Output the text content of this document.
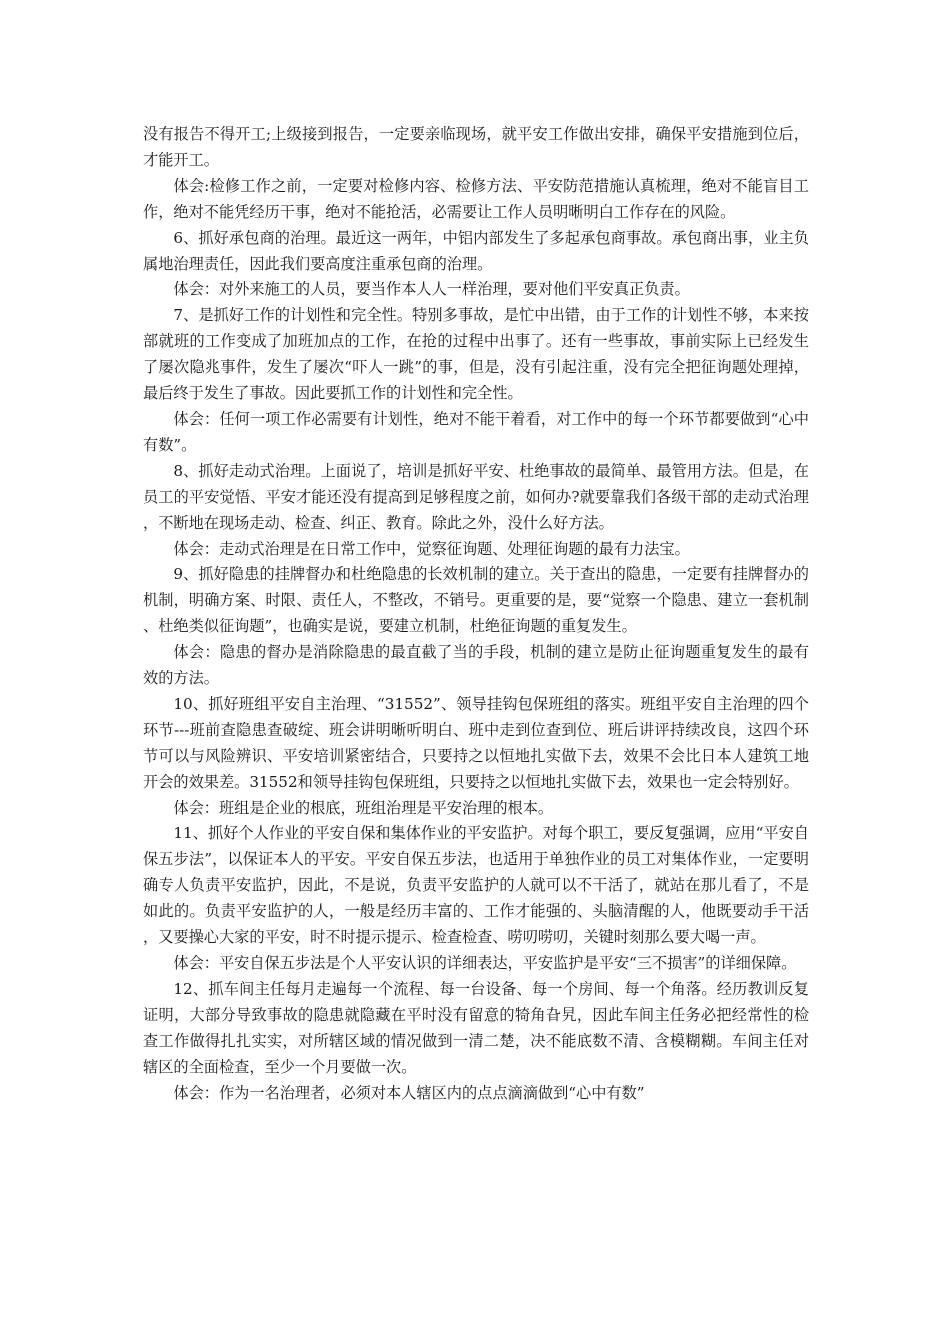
没有报告不得开工;上级接到报告，一定要亲临现场，就平安工作做出安排，确保平安措施到位后，才能开工。

体会:检修工作之前，一定要对检修内容、检修方法、平安防范措施认真梳理，绝对不能盲目工作，绝对不能凭经历干事，绝对不能抢活，必需要让工作人员明晰明白工作存在的风险。

6、抓好承包商的治理。最近这一两年，中铝内部发生了多起承包商事故。承包商出事，业主负属地治理责任，因此我们要高度注重承包商的治理。

体会：对外来施工的人员，要当作本人人一样治理，要对他们平安真正负责。

7、是抓好工作的计划性和完全性。特别多事故，是忙中出错，由于工作的计划性不够，本来按部就班的工作变成了加班加点的工作，在抢的过程中出事了。还有一些事故，事前实际上已经发生了屡次隐兆事件，发生了屡次“吓人一跳”的事，但是，没有引起注重，没有完全把征询题处理掉，最后终于发生了事故。因此要抓工作的计划性和完全性。

体会：任何一项工作必需要有计划性，绝对不能干着看，对工作中的每一个环节都要做到“心中有数”。

8、抓好走动式治理。上面说了，培训是抓好平安、杜绝事故的最简单、最管用方法。但是，在员工的平安觉悟、平安才能还没有提高到足够程度之前，如何办?就要靠我们各级干部的走动式治理，不断地在现场走动、检查、纠正、教育。除此之外，没什么好方法。

体会：走动式治理是在日常工作中，觉察征询题、处理征询题的最有力法宝。

9、抓好隐患的挂牌督办和杜绝隐患的长效机制的建立。关于查出的隐患，一定要有挂牌督办的机制，明确方案、时限、责任人，不整改，不销号。更重要的是，要“觉察一个隐患、建立一套机制、杜绝类似征询题”，也确实是说，要建立机制，杜绝征询题的重复发生。

体会：隐患的督办是消除隐患的最直截了当的手段，机制的建立是防止征询题重复发生的最有效的方法。

10、抓好班组平安自主治理、“31552”、领导挂钩包保班组的落实。班组平安自主治理的四个环节---班前查隐患查破绽、班会讲明晰听明白、班中走到位查到位、班后讲评持续改良，这四个环节可以与风险辨识、平安培训紧密结合，只要持之以恒地扎实做下去，效果不会比日本人建筑工地开会的效果差。31552和领导挂钩包保班组，只要持之以恒地扎实做下去，效果也一定会特别好。

体会：班组是企业的根底，班组治理是平安治理的根本。

11、抓好个人作业的平安自保和集体作业的平安监护。对每个职工，要反复强调，应用“平安自保五步法”，以保证本人的平安。平安自保五步法，也适用于单独作业的员工对集体作业，一定要明确专人负责平安监护，因此，不是说，负责平安监护的人就可以不干活了，就站在那儿看了，不是如此的。负责平安监护的人，一般是经历丰富的、工作才能强的、头脑清醒的人，他既要动手干活，又要操心大家的平安，时不时提示提示、检查检查、唠叨唠叨，关键时刻那么要大喝一声。

体会：平安自保五步法是个人平安认识的详细表达，平安监护是平安“三不损害”的详细保障。

12、抓车间主任每月走遍每一个流程、每一台设备、每一个房间、每一个角落。经历教训反复证明，大部分导致事故的隐患就隐藏在平时没有留意的犄角旮旯，因此车间主任务必把经常性的检查工作做得扎扎实实，对所辖区域的情况做到一清二楚，决不能底数不清、含模糊糊。车间主任对辖区的全面检查，至少一个月要做一次。

体会：作为一名治理者，必须对本人辖区内的点点滴滴做到“心中有数”
